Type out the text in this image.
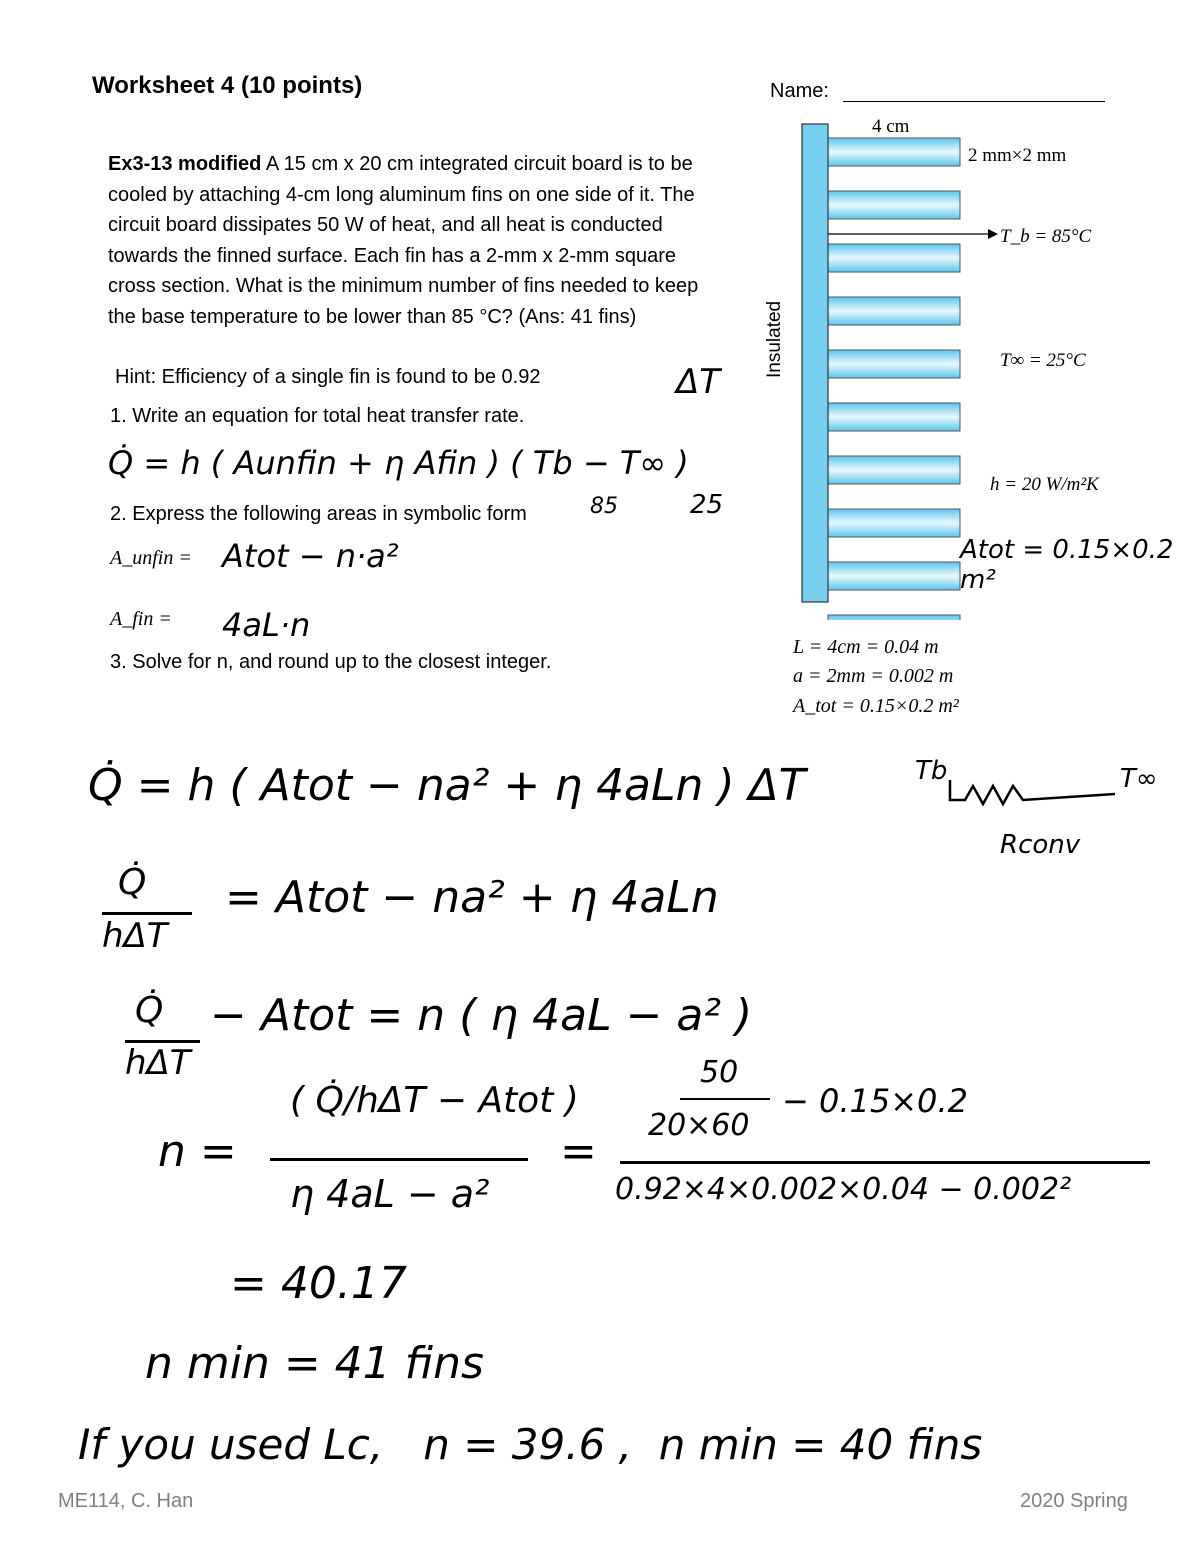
Worksheet 4 (10 points)	Name:
Ex3-13 modified A 15 cm x 20 cm integrated circuit board is to be cooled by attaching 4-cm long aluminum fins on one side of it. The circuit board dissipates 50 W of heat, and all heat is conducted towards the finned surface. Each fin has a 2-mm x 2-mm square cross section. What is the minimum number of fins needed to keep the base temperature to be lower than 85 °C? (Ans: 41 fins)
Hint: Efficiency of a single fin is found to be 0.92
1. Write an equation for total heat transfer rate.
2. Express the following areas in symbolic form
A_unfin =
A_fin =
3. Solve for n, and round up to the closest integer.
Q̇ = h ( Aunfin + η Afin ) ( Tb − T∞ )
ΔT
85	25
Atot − n·a²
4aL·n
4 cm
2 mm×2 mm
T_b = 85°C
T∞ = 25°C
h = 20 W/m²K
Insulated
Atot = 0.15×0.2 m²
L = 4cm = 0.04 m
a = 2mm = 0.002 m
A_tot = 0.15×0.2 m²
Q̇ = h ( Atot − na² + η 4aLn ) ΔT	Tb	T∞
Rconv
Q̇
hΔT
= Atot − na² + η 4aLn
Q̇
hΔT
− Atot = n ( η 4aL − a² )
n =
( Q̇/hΔT − Atot )
η 4aL − a²
=
50
20×60
− 0.15×0.2
0.92×4×0.002×0.04 − 0.002²
= 40.17
n min = 41 fins
If you used Lc,   n = 39.6 ,  n min = 40 fins
ME114, C. Han	2020 Spring
